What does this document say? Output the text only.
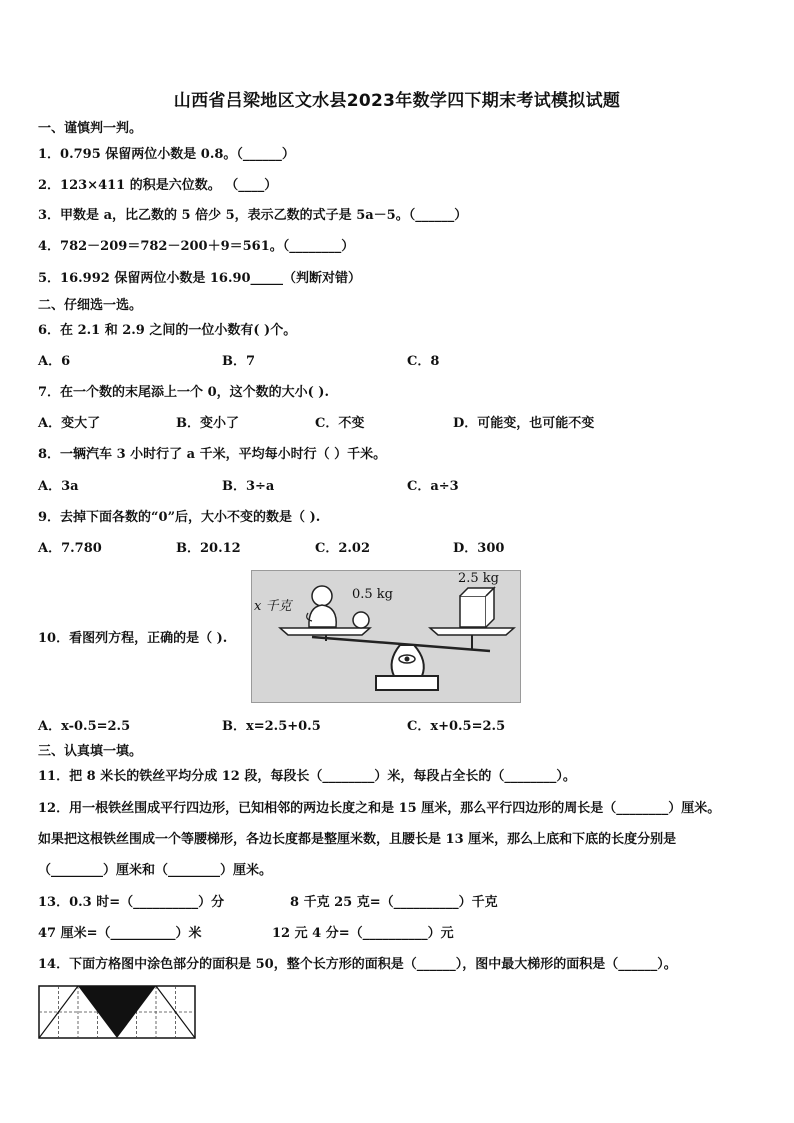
山西省吕梁地区文水县2023年数学四下期末考试模拟试题
一、谨慎判一判。
1．0.795 保留两位小数是 0.8。（______）
2．123×411 的积是六位数。 （____）
3．甲数是 a，比乙数的 5 倍少 5，表示乙数的式子是 5a－5。（______）
4．782－209＝782－200＋9＝561。（________）
5．16.992 保留两位小数是 16.90_____（判断对错）
二、仔细选一选。
6．在 2.1 和 2.9 之间的一位小数有( )个。
A．6	B．7	C．8
7．在一个数的末尾添上一个 0，这个数的大小( ).
A．变大了	B．变小了	C．不变	D．可能变，也可能不变
8．一辆汽车 3 小时行了 a 千米，平均每小时行（ ）千米。
A．3a	B．3÷a	C．a÷3
9．去掉下面各数的“0”后，大小不变的数是（ ).
A．7.780	B．20.12	C．2.02	D．300
10．看图列方程，正确的是（ ).
x 千克
0.5 kg
2.5 kg
A．x-0.5=2.5	B．x=2.5+0.5	C．x+0.5=2.5
三、认真填一填。
11．把 8 米长的铁丝平均分成 12 段，每段长（________）米，每段占全长的（________）。
12．用一根铁丝围成平行四边形，已知相邻的两边长度之和是 15 厘米，那么平行四边形的周长是（________）厘米。
如果把这根铁丝围成一个等腰梯形，各边长度都是整厘米数，且腰长是 13 厘米，那么上底和下底的长度分别是
（________）厘米和（________）厘米。
13．0.3 时=（__________）分	8 千克 25 克=（__________）千克
47 厘米=（__________）米	12 元 4 分=（__________）元
14．下面方格图中涂色部分的面积是 50，整个长方形的面积是（______），图中最大梯形的面积是（______）。
